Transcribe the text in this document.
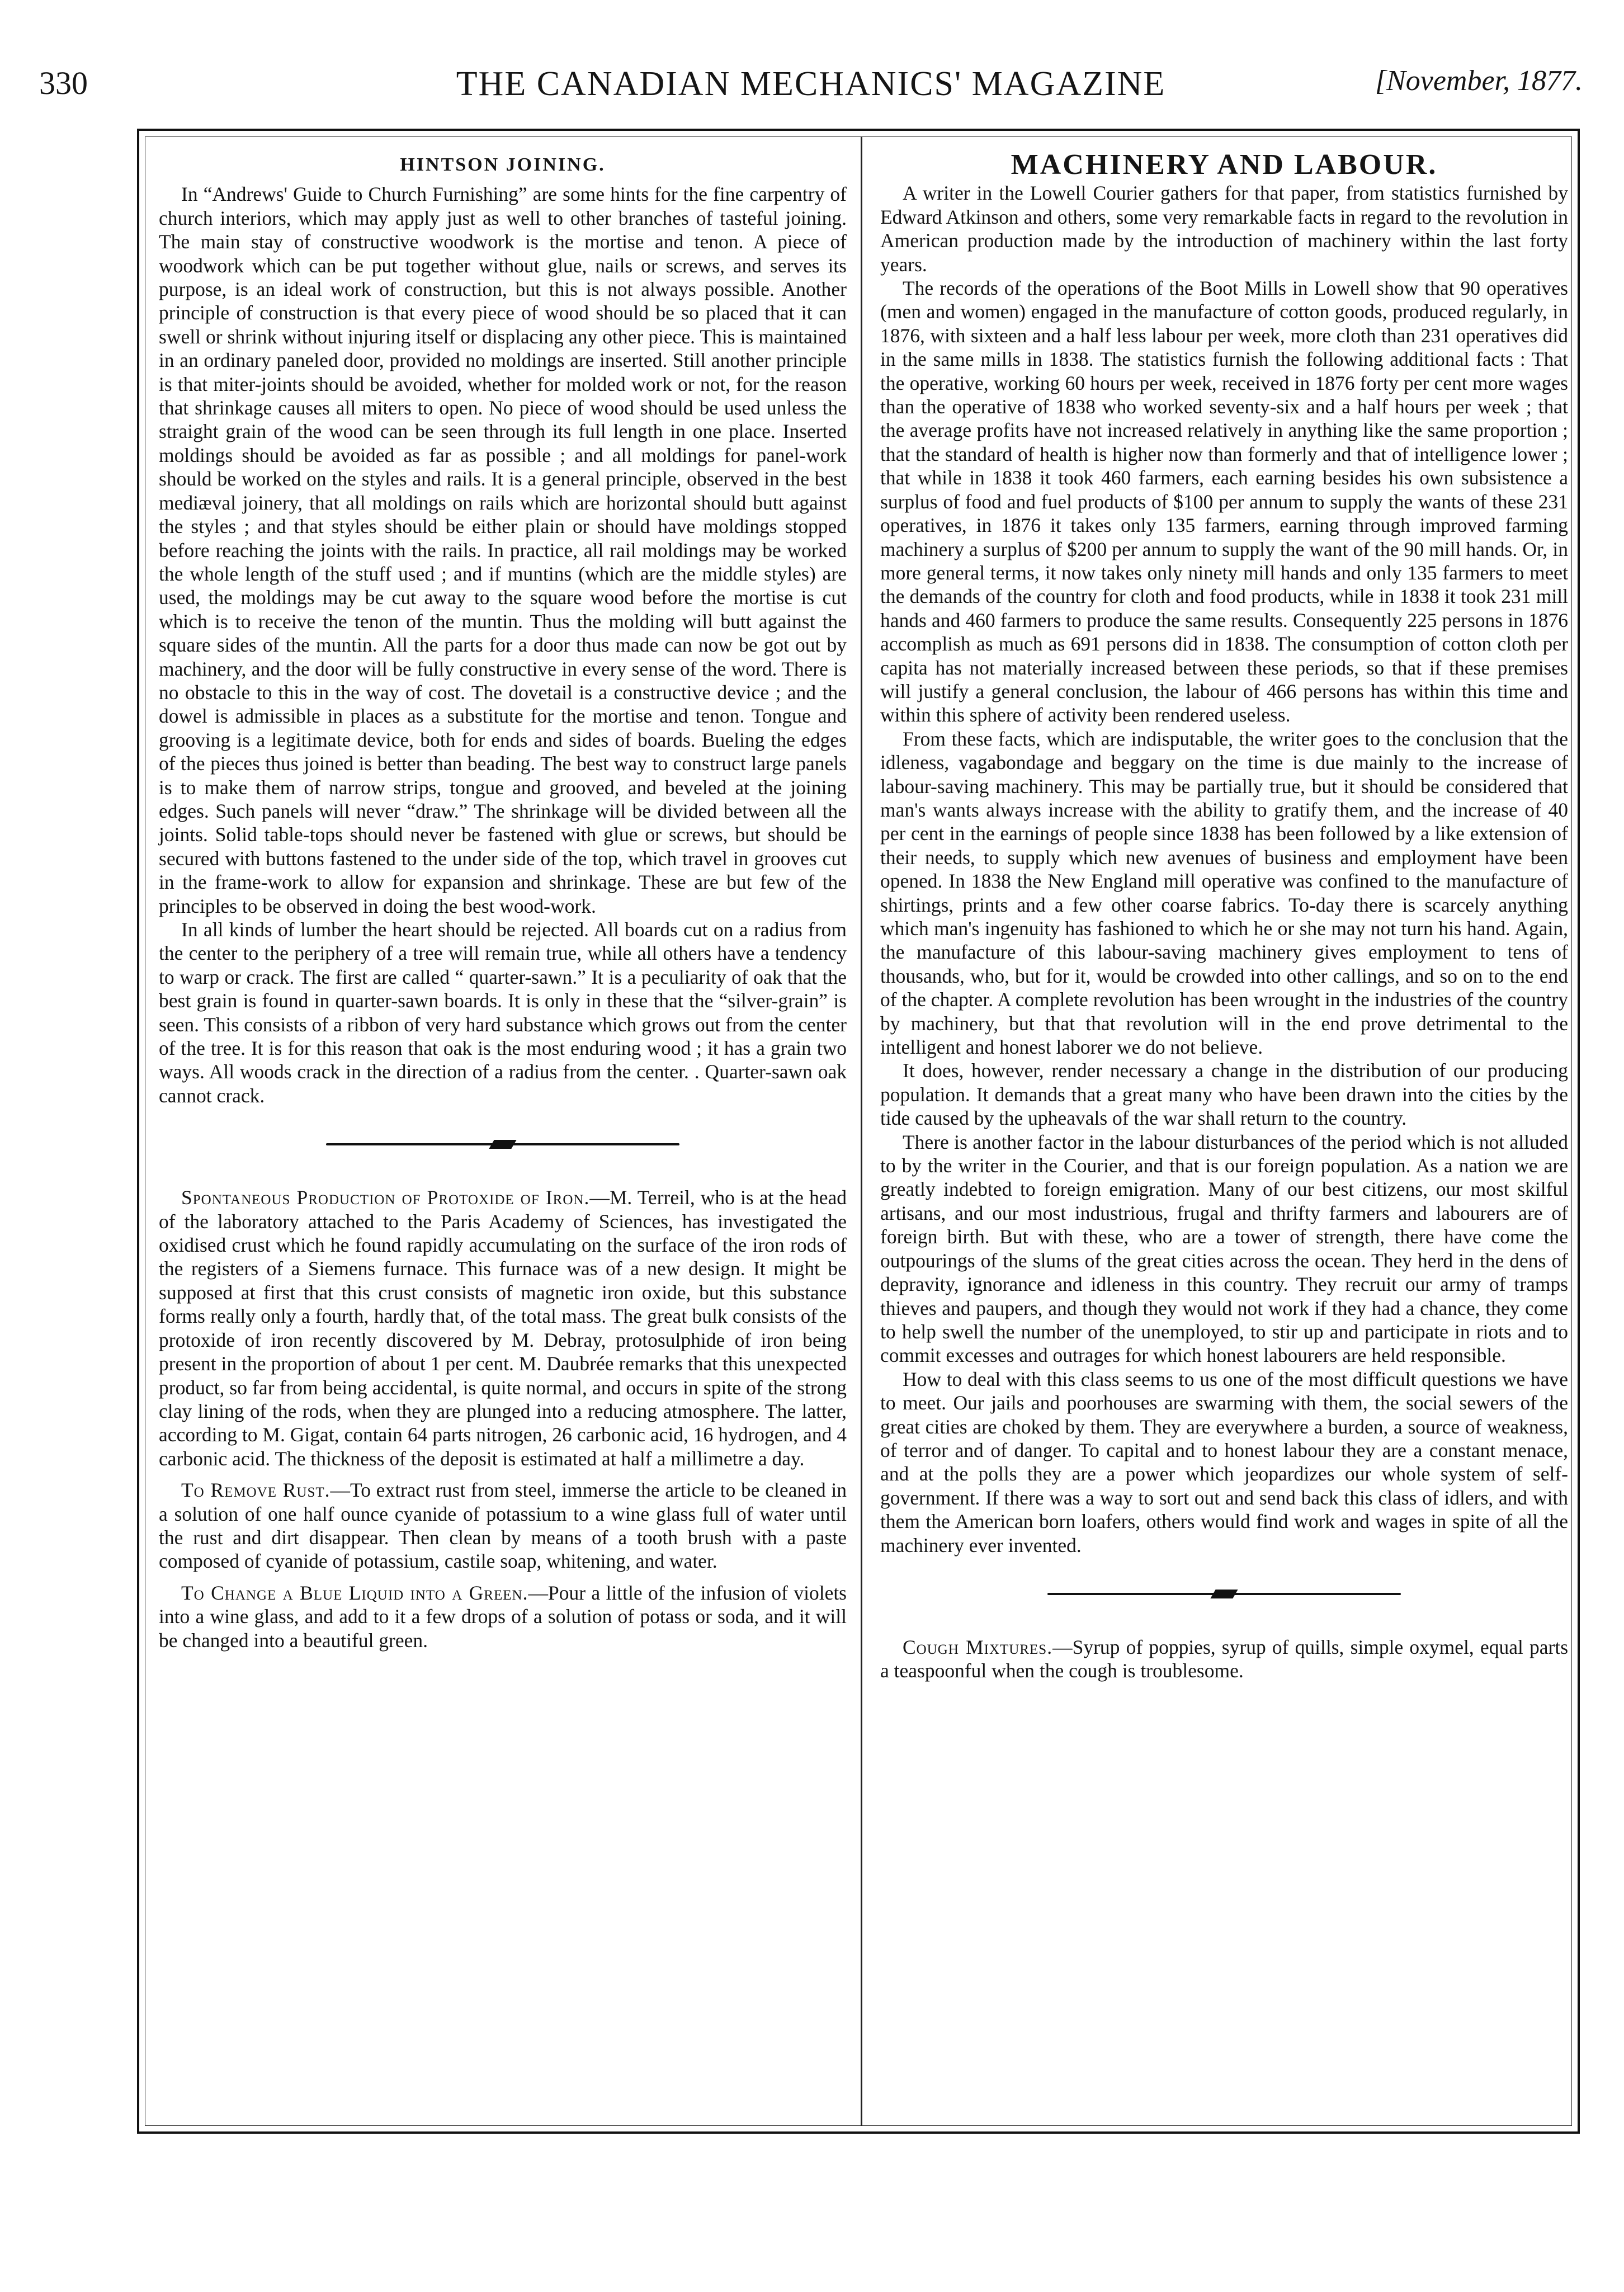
330	THE CANADIAN MECHANICS' MAGAZINE	[November, 1877.
HINTSON JOINING.

In “Andrews' Guide to Church Furnishing” are some hints for the fine carpentry of church interiors, which may apply just as well to other branches of tasteful joining. The main stay of constructive woodwork is the mortise and tenon. A piece of woodwork which can be put together without glue, nails or screws, and serves its purpose, is an ideal work of construction, but this is not always possible. Another principle of construction is that every piece of wood should be so placed that it can swell or shrink without injuring itself or displacing any other piece. This is maintained in an ordinary paneled door, provided no moldings are inserted. Still another principle is that miter-joints should be avoided, whether for molded work or not, for the reason that shrinkage causes all miters to open. No piece of wood should be used unless the straight grain of the wood can be seen through its full length in one place. Inserted moldings should be avoided as far as possible ; and all moldings for panel-work should be worked on the styles and rails. It is a general principle, observed in the best mediæval joinery, that all moldings on rails which are horizontal should butt against the styles ; and that styles should be either plain or should have moldings stopped before reaching the joints with the rails. In practice, all rail moldings may be worked the whole length of the stuff used ; and if muntins (which are the middle styles) are used, the moldings may be cut away to the square wood before the mortise is cut which is to receive the tenon of the muntin. Thus the molding will butt against the square sides of the muntin. All the parts for a door thus made can now be got out by machinery, and the door will be fully constructive in every sense of the word. There is no obstacle to this in the way of cost. The dovetail is a constructive device ; and the dowel is admissible in places as a substitute for the mortise and tenon. Tongue and grooving is a legitimate device, both for ends and sides of boards. Bueling the edges of the pieces thus joined is better than beading. The best way to construct large panels is to make them of narrow strips, tongue and grooved, and beveled at the joining edges. Such panels will never “draw.” The shrinkage will be divided between all the joints. Solid table-tops should never be fastened with glue or screws, but should be secured with buttons fastened to the under side of the top, which travel in grooves cut in the frame-work to allow for expansion and shrinkage. These are but few of the principles to be observed in doing the best wood-work.

In all kinds of lumber the heart should be rejected. All boards cut on a radius from the center to the periphery of a tree will remain true, while all others have a tendency to warp or crack. The first are called “ quarter-sawn.” It is a peculiarity of oak that the best grain is found in quarter-sawn boards. It is only in these that the “silver-grain” is seen. This consists of a ribbon of very hard substance which grows out from the center of the tree. It is for this reason that oak is the most enduring wood ; it has a grain two ways. All woods crack in the direction of a radius from the center. . Quarter-sawn oak cannot crack.

Spontaneous Production of Protoxide of Iron.—M. Terreil, who is at the head of the laboratory attached to the Paris Academy of Sciences, has investigated the oxidised crust which he found rapidly accumulating on the surface of the iron rods of the registers of a Siemens furnace. This furnace was of a new design. It might be supposed at first that this crust consists of magnetic iron oxide, but this substance forms really only a fourth, hardly that, of the total mass. The great bulk consists of the protoxide of iron recently discovered by M. Debray, protosulphide of iron being present in the proportion of about 1 per cent. M. Daubrée remarks that this unexpected product, so far from being accidental, is quite normal, and occurs in spite of the strong clay lining of the rods, when they are plunged into a reducing atmosphere. The latter, according to M. Gigat, contain 64 parts nitrogen, 26 carbonic acid, 16 hydrogen, and 4 carbonic acid. The thickness of the deposit is estimated at half a millimetre a day.

To Remove Rust.—To extract rust from steel, immerse the article to be cleaned in a solution of one half ounce cyanide of potassium to a wine glass full of water until the rust and dirt disappear. Then clean by means of a tooth brush with a paste composed of cyanide of potassium, castile soap, whitening, and water.

To Change a Blue Liquid into a Green.—Pour a little of the infusion of violets into a wine glass, and add to it a few drops of a solution of potass or soda, and it will be changed into a beautiful green.

MACHINERY AND LABOUR.

A writer in the Lowell Courier gathers for that paper, from statistics furnished by Edward Atkinson and others, some very remarkable facts in regard to the revolution in American production made by the introduction of machinery within the last forty years.

The records of the operations of the Boot Mills in Lowell show that 90 operatives (men and women) engaged in the manufacture of cotton goods, produced regularly, in 1876, with sixteen and a half less labour per week, more cloth than 231 operatives did in the same mills in 1838. The statistics furnish the following additional facts : That the operative, working 60 hours per week, received in 1876 forty per cent more wages than the operative of 1838 who worked seventy-six and a half hours per week ; that the average profits have not increased relatively in anything like the same proportion ; that the standard of health is higher now than formerly and that of intelligence lower ; that while in 1838 it took 460 farmers, each earning besides his own subsistence a surplus of food and fuel products of $100 per annum to supply the wants of these 231 operatives, in 1876 it takes only 135 farmers, earning through improved farming machinery a surplus of $200 per annum to supply the want of the 90 mill hands. Or, in more general terms, it now takes only ninety mill hands and only 135 farmers to meet the demands of the country for cloth and food products, while in 1838 it took 231 mill hands and 460 farmers to produce the same results. Consequently 225 persons in 1876 accomplish as much as 691 persons did in 1838. The consumption of cotton cloth per capita has not materially increased between these periods, so that if these premises will justify a general conclusion, the labour of 466 persons has within this time and within this sphere of activity been rendered useless.

From these facts, which are indisputable, the writer goes to the conclusion that the idleness, vagabondage and beggary on the time is due mainly to the increase of labour-saving machinery. This may be partially true, but it should be considered that man's wants always increase with the ability to gratify them, and the increase of 40 per cent in the earnings of people since 1838 has been followed by a like extension of their needs, to supply which new avenues of business and employment have been opened. In 1838 the New England mill operative was confined to the manufacture of shirtings, prints and a few other coarse fabrics. To-day there is scarcely anything which man's ingenuity has fashioned to which he or she may not turn his hand. Again, the manufacture of this labour-saving machinery gives employment to tens of thousands, who, but for it, would be crowded into other callings, and so on to the end of the chapter. A complete revolution has been wrought in the industries of the country by machinery, but that that revolution will in the end prove detrimental to the intelligent and honest laborer we do not believe.

It does, however, render necessary a change in the distribution of our producing population. It demands that a great many who have been drawn into the cities by the tide caused by the upheavals of the war shall return to the country.

There is another factor in the labour disturbances of the period which is not alluded to by the writer in the Courier, and that is our foreign population. As a nation we are greatly indebted to foreign emigration. Many of our best citizens, our most skilful artisans, and our most industrious, frugal and thrifty farmers and labourers are of foreign birth. But with these, who are a tower of strength, there have come the outpourings of the slums of the great cities across the ocean. They herd in the dens of depravity, ignorance and idleness in this country. They recruit our army of tramps thieves and paupers, and though they would not work if they had a chance, they come to help swell the number of the unemployed, to stir up and participate in riots and to commit excesses and outrages for which honest labourers are held responsible.

How to deal with this class seems to us one of the most difficult questions we have to meet. Our jails and poorhouses are swarming with them, the social sewers of the great cities are choked by them. They are everywhere a burden, a source of weakness, of terror and of danger. To capital and to honest labour they are a constant menace, and at the polls they are a power which jeopardizes our whole system of self-government. If there was a way to sort out and send back this class of idlers, and with them the American born loafers, others would find work and wages in spite of all the machinery ever invented.

Cough Mixtures.—Syrup of poppies, syrup of quills, simple oxymel, equal parts a teaspoonful when the cough is troublesome.
